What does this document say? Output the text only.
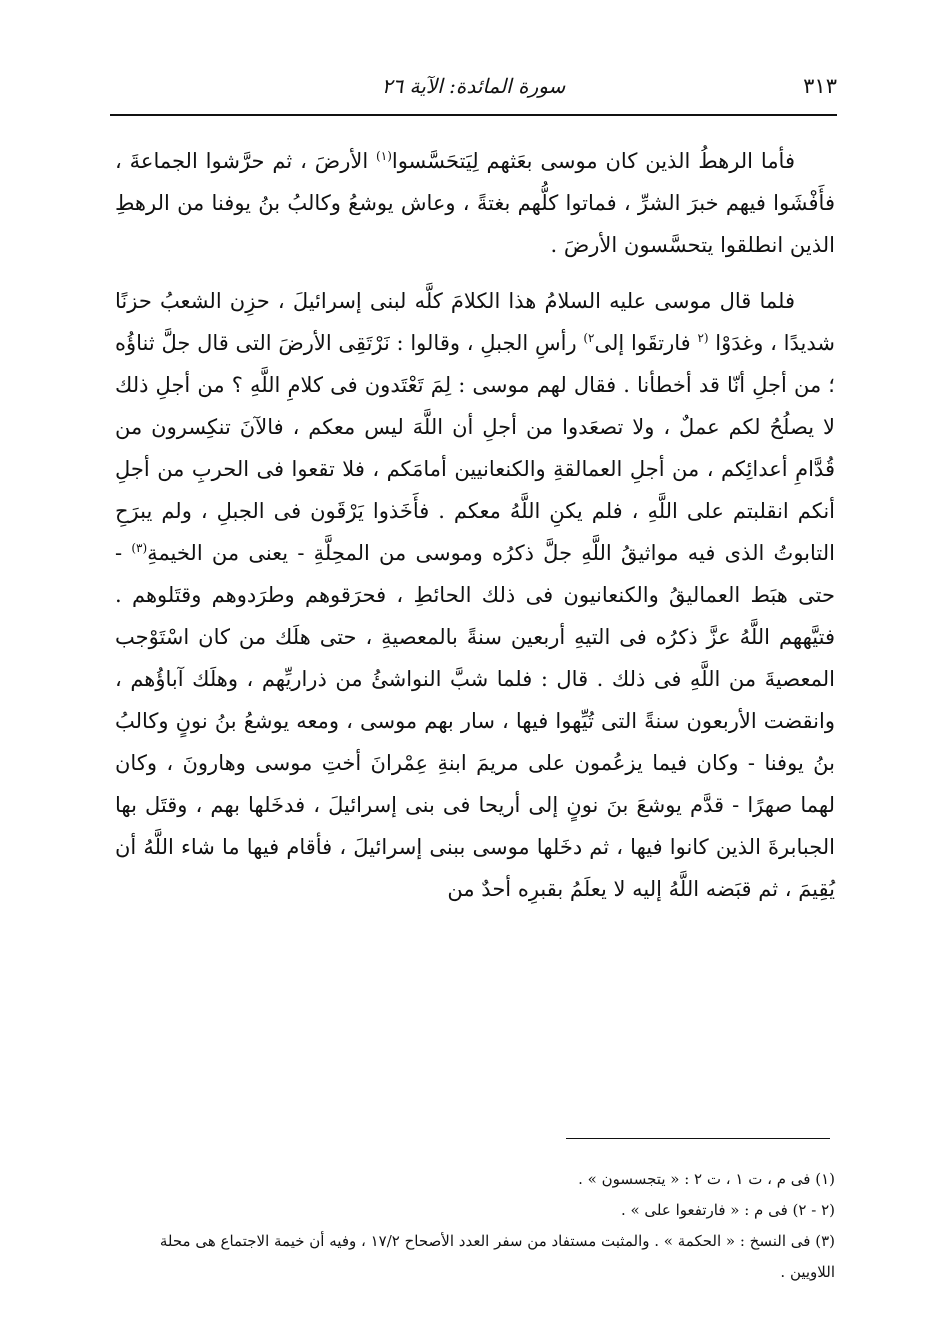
٣١٣
سورة المائدة: الآية ٢٦

فأما الرهطُ الذين كان موسى بعَثهم لِيَتحَسَّسوا$^{(١)}$ الأرضَ ، ثم حرَّشوا الجماعةَ ، فأَفْشَوا فيهم خبرَ الشرِّ ، فماتوا كلُّهم بغتةً ، وعاش يوشعُ وكالبُ بنُ يوفنا من الرهطِ الذين انطلقوا يتحسَّسون الأرضَ .

فلما قال موسى عليه السلامُ هذا الكلامَ كلَّه لبنى إسرائيلَ ، حزِن الشعبُ حزنًا شديدًا ، وغدَوْا $^{(٢}$ فارتقَوا إلى$^{٢)}$ رأسِ الجبلِ ، وقالوا : نَرْتَقِى الأرضَ التى قال جلَّ ثناؤُه ؛ من أجلِ أنّا قد أخطأنا . فقال لهم موسى : لِمَ تَعْتَدون فى كلامِ اللَّهِ ؟ من أجلِ ذلك لا يصلُحُ لكم عملٌ ، ولا تصعَدوا من أجلِ أن اللَّهَ ليس معكم ، فالآنَ تنكِسرون من قُدَّامِ أعدائِكم ، من أجلِ العمالقةِ والكنعانيين أمامَكم ، فلا تقعوا فى الحربِ من أجلِ أنكم انقلبتم على اللَّهِ ، فلم يكنِ اللَّهُ معكم . فأَخَذوا يَرْقَون فى الجبلِ ، ولم يبرَحِ التابوتُ الذى فيه مواثيقُ اللَّهِ جلَّ ذكرُه وموسى من المحِلَّةِ - يعنى من الخيمةِ$^{(٣)}$ - حتى هبَط العماليقُ والكنعانيون فى ذلك الحائطِ ، فحرَقوهم وطرَدوهم وقتَلوهم . فتيَّههم اللَّهُ عزَّ ذكرُه فى التيهِ أربعين سنةً بالمعصيةِ ، حتى هلَك من كان اسْتَوْجب المعصيةَ من اللَّهِ فى ذلك . قال : فلما شبَّ النواشئُ من ذراريِّهم ، وهلَك آباؤُهم ، وانقضت الأربعون سنةً التى تُيِّهوا فيها ، سار بهم موسى ، ومعه يوشعُ بنُ نونٍ وكالبُ بنُ يوفنا - وكان فيما يزعُمون على مريمَ ابنةِ عِمْرانَ أختِ موسى وهارونَ ، وكان لهما صهرًا - قدَّم يوشعَ بنَ نونٍ إلى أريحا فى بنى إسرائيلَ ، فدخَلها بهم ، وقتَل بها الجبابرةَ الذين كانوا فيها ، ثم دخَلها موسى ببنى إسرائيلَ ، فأقام فيها ما شاء اللَّهُ أن يُقِيمَ ، ثم قبَضه اللَّهُ إليه لا يعلَمُ بقبرِه أحدٌ من

(١) فى م ، ت ١ ، ت ٢ : « يتجسسون » .

(٢ - ٢) فى م : « فارتفعوا على » .

(٣) فى النسخ : « الحكمة » . والمثبت مستفاد من سفر العدد الأصحاح ١٧/٢ ، وفيه أن خيمة الاجتماع هى محلة اللاويين .
